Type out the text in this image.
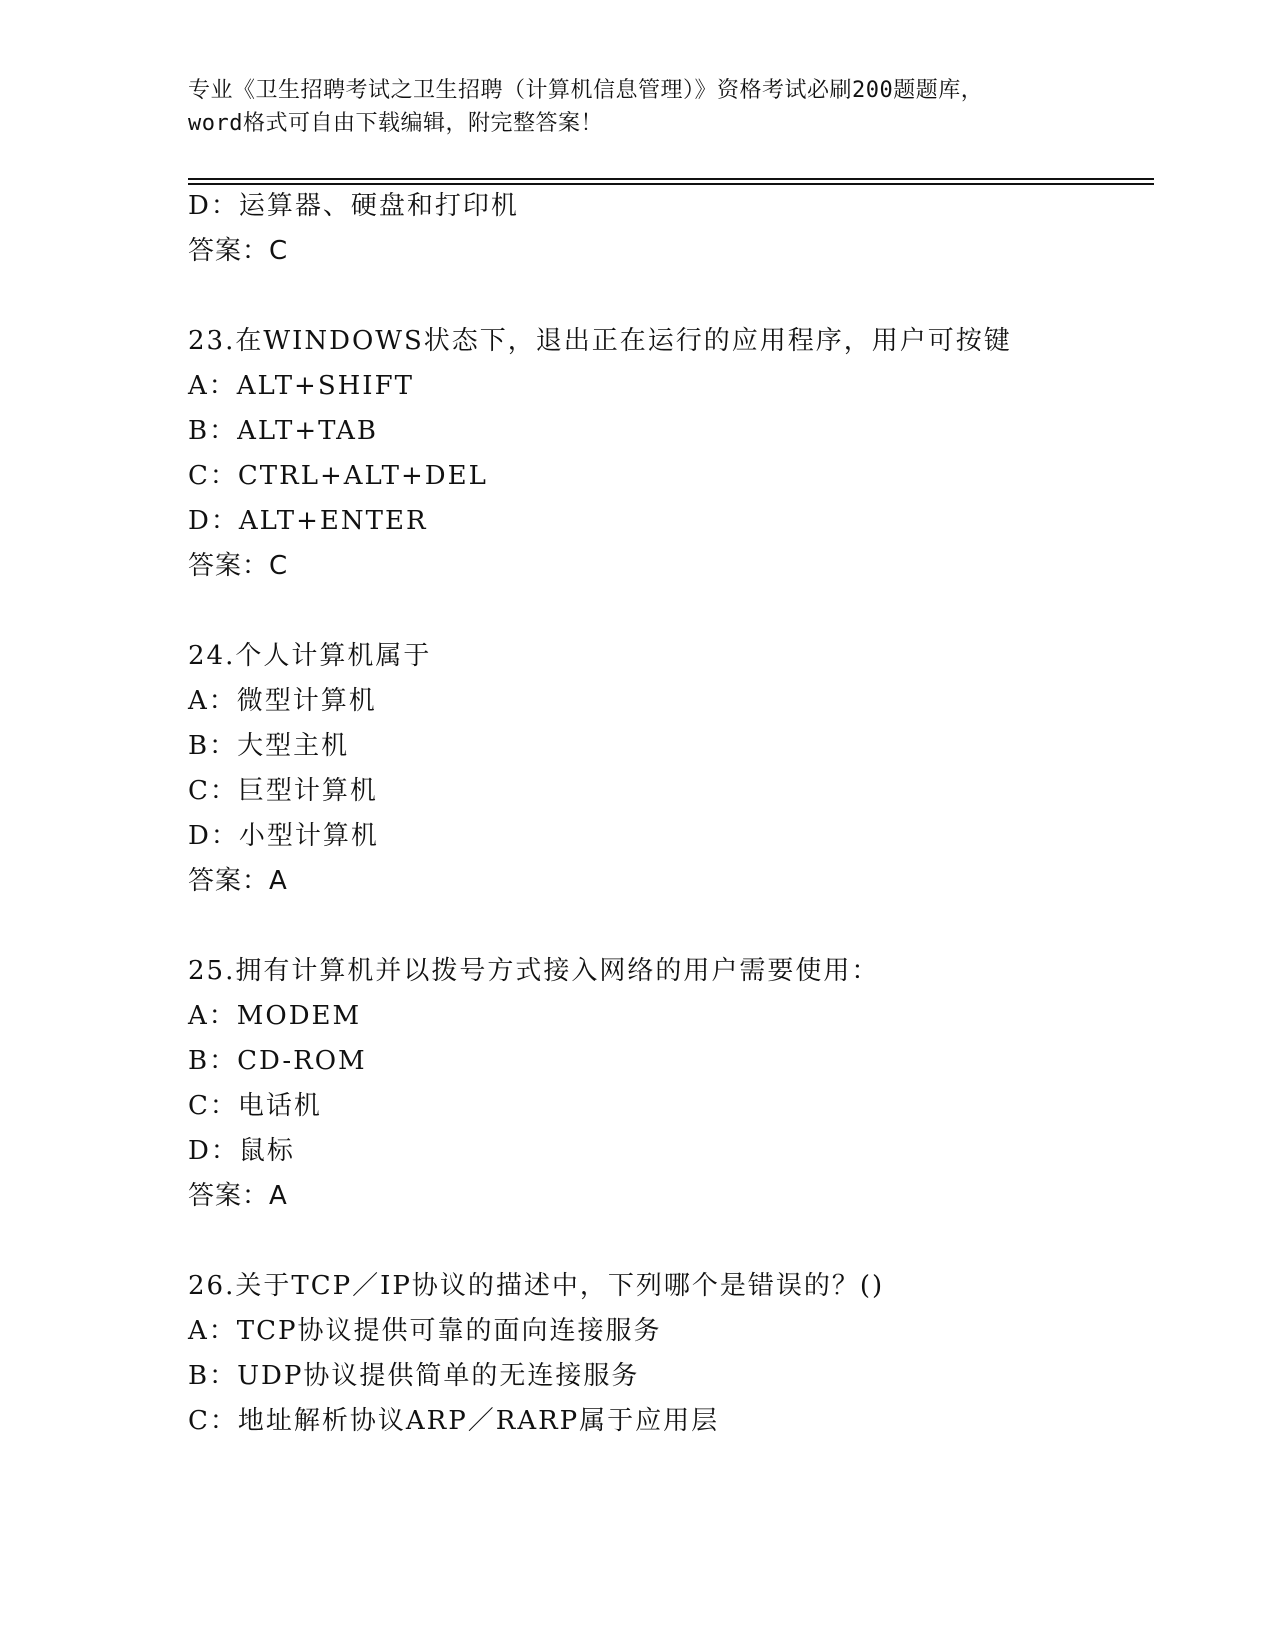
专业《卫生招聘考试之卫生招聘（计算机信息管理）》资格考试必刷200题题库，
word格式可自由下载编辑，附完整答案！
D：运算器、硬盘和打印机
答案：C
23.在WINDOWS状态下，退出正在运行的应用程序，用户可按键
A：ALT+SHIFT
B：ALT+TAB
C：CTRL+ALT+DEL
D：ALT+ENTER
答案：C
24.个人计算机属于
A：微型计算机
B：大型主机
C：巨型计算机
D：小型计算机
答案：A
25.拥有计算机并以拨号方式接入网络的用户需要使用：
A：MODEM
B：CD-ROM
C：电话机
D：鼠标
答案：A
26.关于TCP／IP协议的描述中，下列哪个是错误的？()
A：TCP协议提供可靠的面向连接服务
B：UDP协议提供简单的无连接服务
C：地址解析协议ARP／RARP属于应用层
